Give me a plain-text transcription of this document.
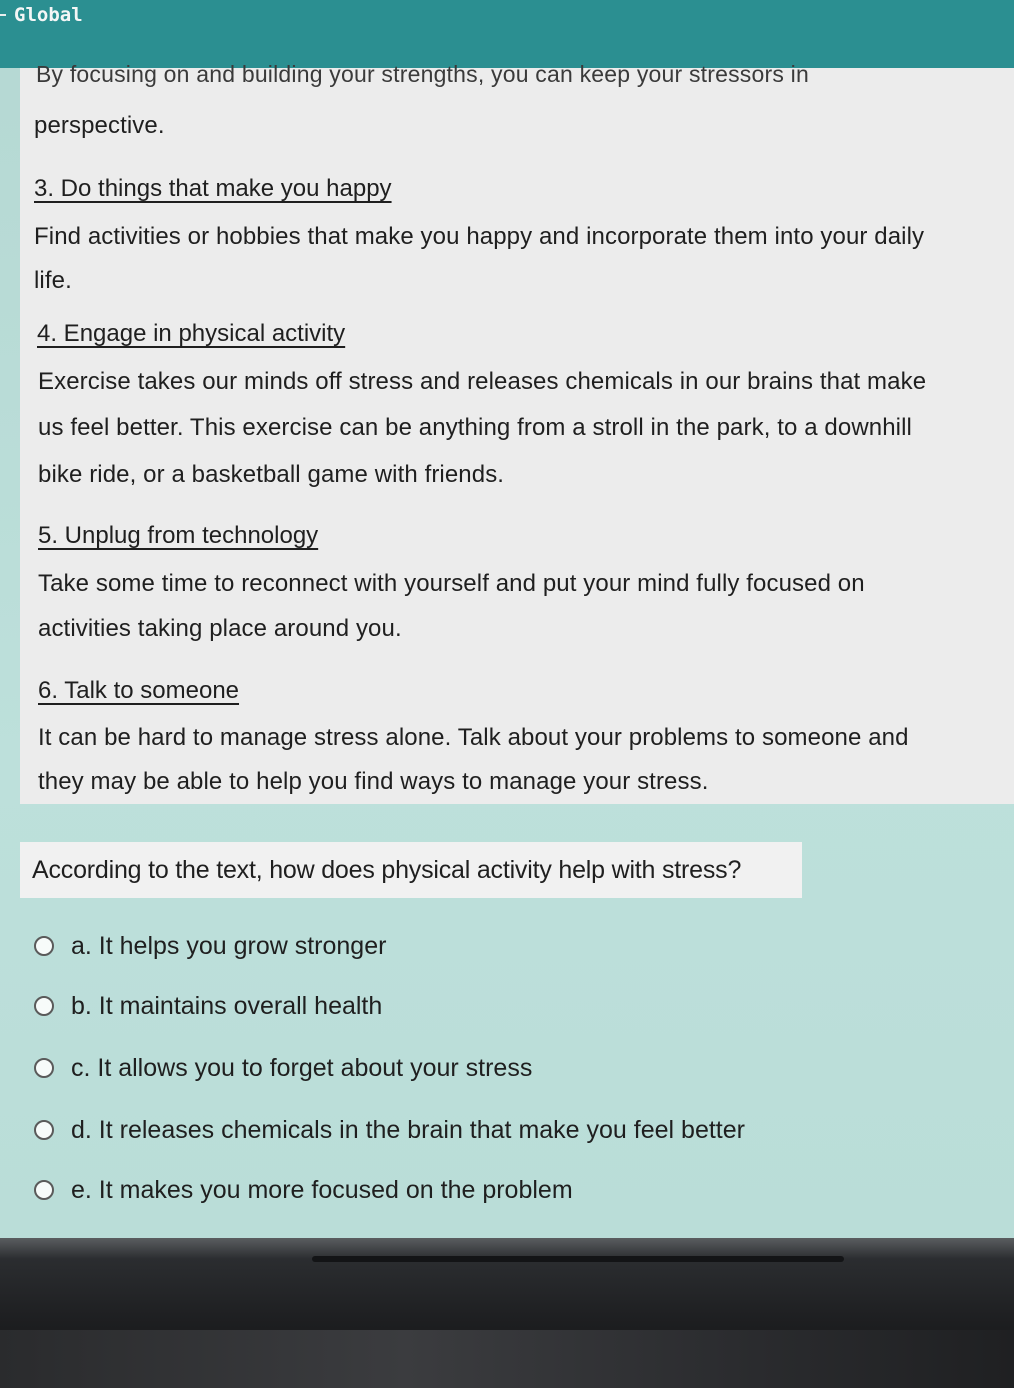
Global
By focusing on and building your strengths, you can keep your stressors in
perspective.
3. Do things that make you happy
Find activities or hobbies that make you happy and incorporate them into your daily
life.
4. Engage in physical activity
Exercise takes our minds off stress and releases chemicals in our brains that make
us feel better. This exercise can be anything from a stroll in the park, to a downhill
bike ride, or a basketball game with friends.
5. Unplug from technology
Take some time to reconnect with yourself and put your mind fully focused on
activities taking place around you.
6. Talk to someone
It can be hard to manage stress alone. Talk about your problems to someone and
they may be able to help you find ways to manage your stress.
According to the text, how does physical activity help with stress?
a. It helps you grow stronger
b. It maintains overall health
c. It allows you to forget about your stress
d. It releases chemicals in the brain that make you feel better
e. It makes you more focused on the problem
